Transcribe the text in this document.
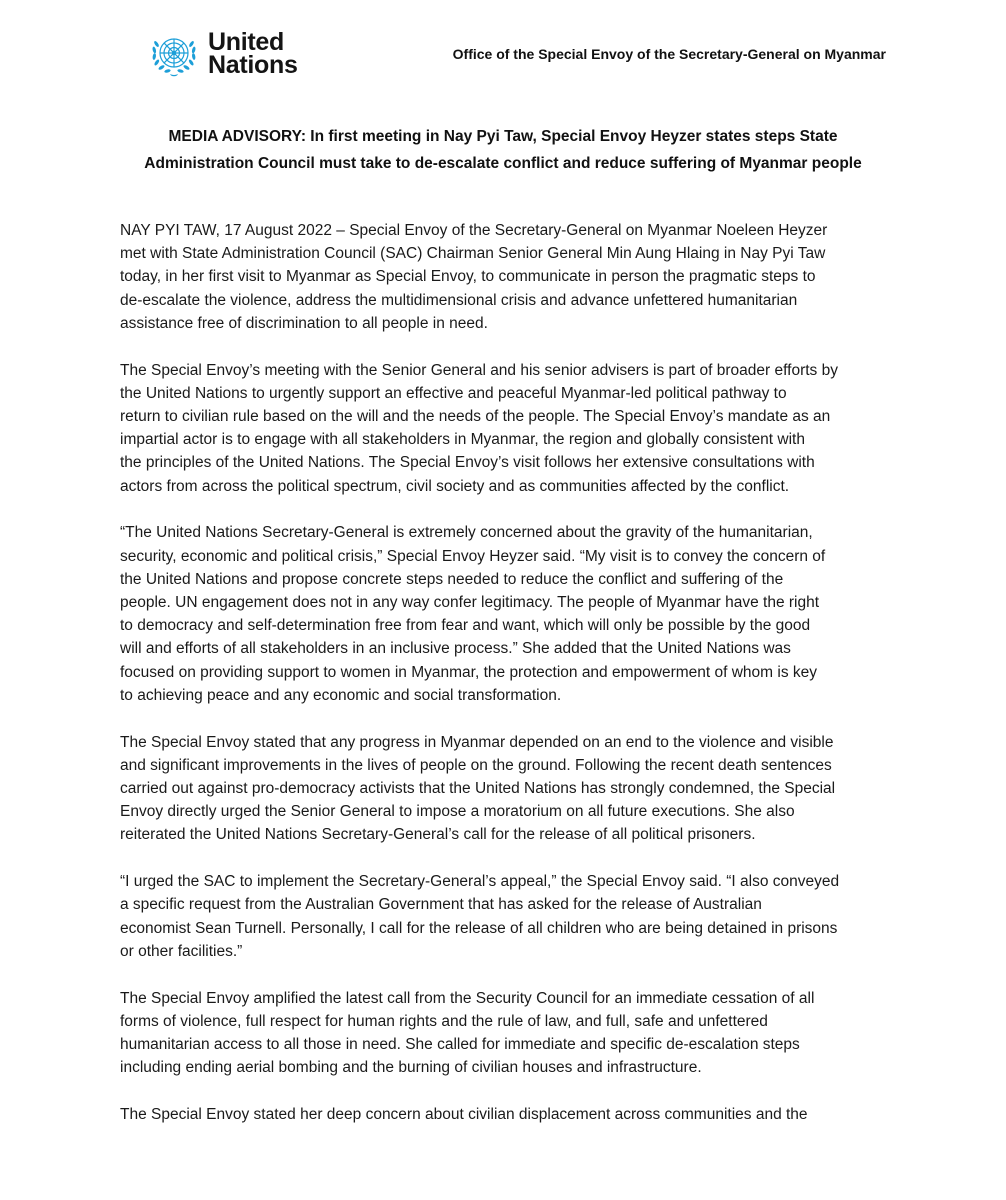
United
Nations	Office of the Special Envoy of the Secretary-General on Myanmar
MEDIA ADVISORY: In first meeting in Nay Pyi Taw, Special Envoy Heyzer states steps State
Administration Council must take to de-escalate conflict and reduce suffering of Myanmar people
NAY PYI TAW, 17 August 2022 – Special Envoy of the Secretary-General on Myanmar Noeleen Heyzer
met with State Administration Council (SAC) Chairman Senior General Min Aung Hlaing in Nay Pyi Taw
today, in her first visit to Myanmar as Special Envoy, to communicate in person the pragmatic steps to
de-escalate the violence, address the multidimensional crisis and advance unfettered humanitarian
assistance free of discrimination to all people in need.
The Special Envoy’s meeting with the Senior General and his senior advisers is part of broader efforts by
the United Nations to urgently support an effective and peaceful Myanmar-led political pathway to
return to civilian rule based on the will and the needs of the people. The Special Envoy’s mandate as an
impartial actor is to engage with all stakeholders in Myanmar, the region and globally consistent with
the principles of the United Nations. The Special Envoy’s visit follows her extensive consultations with
actors from across the political spectrum, civil society and as communities affected by the conflict.
“The United Nations Secretary-General is extremely concerned about the gravity of the humanitarian,
security, economic and political crisis,” Special Envoy Heyzer said. “My visit is to convey the concern of
the United Nations and propose concrete steps needed to reduce the conflict and suffering of the
people. UN engagement does not in any way confer legitimacy. The people of Myanmar have the right
to democracy and self-determination free from fear and want, which will only be possible by the good
will and efforts of all stakeholders in an inclusive process.” She added that the United Nations was
focused on providing support to women in Myanmar, the protection and empowerment of whom is key
to achieving peace and any economic and social transformation.
The Special Envoy stated that any progress in Myanmar depended on an end to the violence and visible
and significant improvements in the lives of people on the ground. Following the recent death sentences
carried out against pro-democracy activists that the United Nations has strongly condemned, the Special
Envoy directly urged the Senior General to impose a moratorium on all future executions. She also
reiterated the United Nations Secretary-General’s call for the release of all political prisoners.
“I urged the SAC to implement the Secretary-General’s appeal,” the Special Envoy said. “I also conveyed
a specific request from the Australian Government that has asked for the release of Australian
economist Sean Turnell. Personally, I call for the release of all children who are being detained in prisons
or other facilities.”
The Special Envoy amplified the latest call from the Security Council for an immediate cessation of all
forms of violence, full respect for human rights and the rule of law, and full, safe and unfettered
humanitarian access to all those in need. She called for immediate and specific de-escalation steps
including ending aerial bombing and the burning of civilian houses and infrastructure.
The Special Envoy stated her deep concern about civilian displacement across communities and the
